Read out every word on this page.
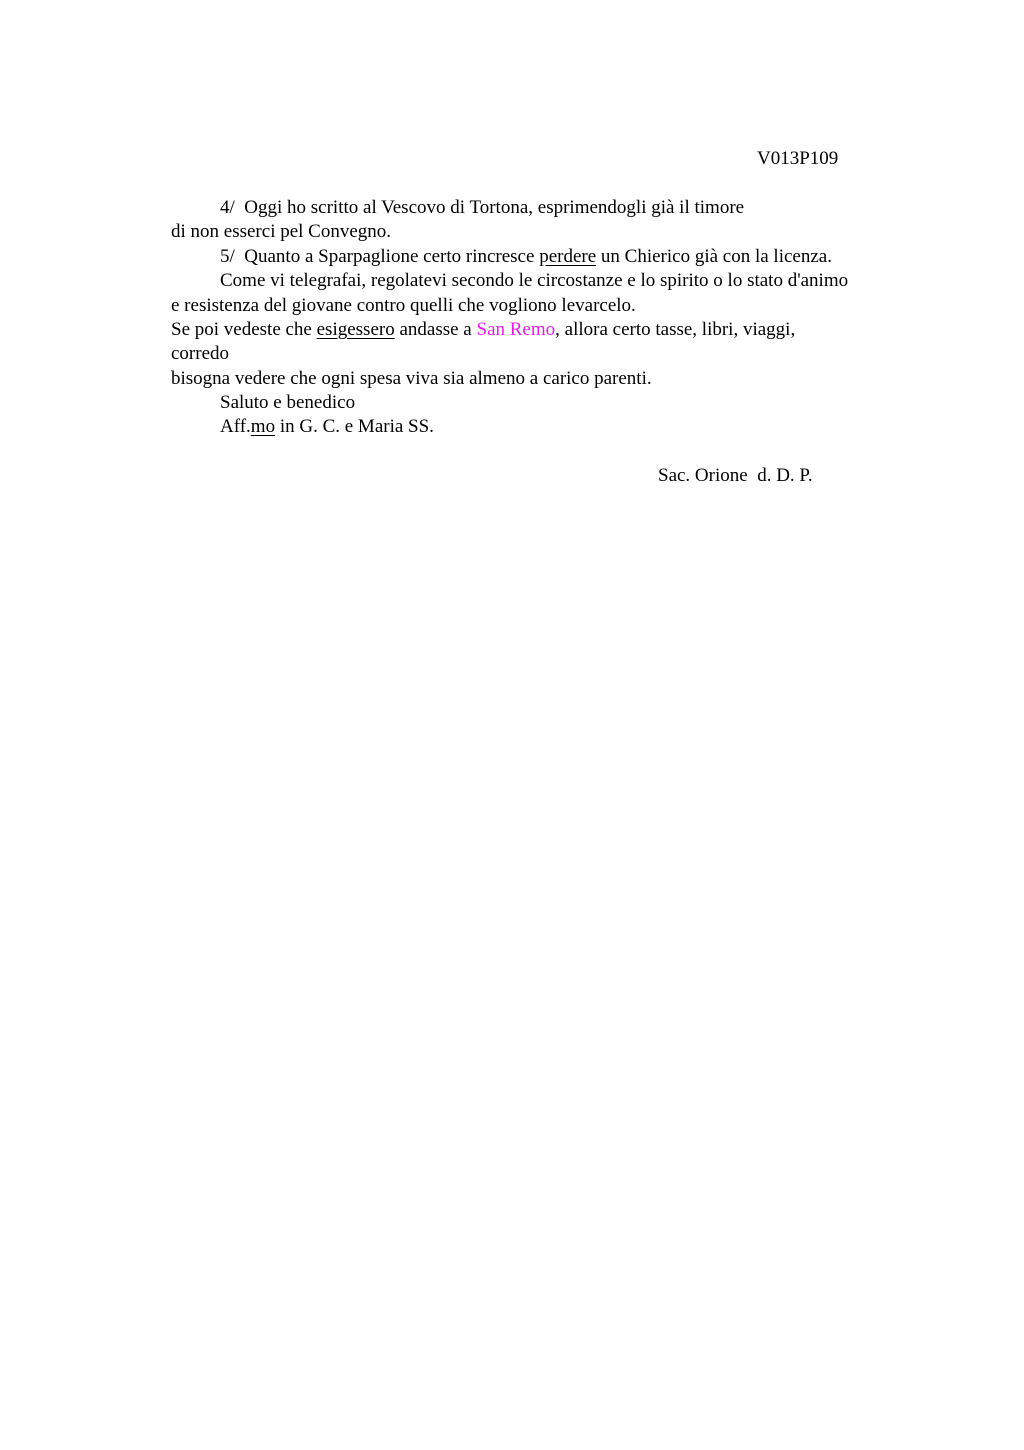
V013P109
4/  Oggi ho scritto al Vescovo di Tortona, esprimendogli già il timore
di non esserci pel Convegno.
5/  Quanto a Sparpaglione certo rincresce perdere un Chierico già con la licenza.
Come vi telegrafai, regolatevi secondo le circostanze e lo spirito o lo stato d'animo
e resistenza del giovane contro quelli che vogliono levarcelo.
Se poi vedeste che esigessero andasse a San Remo, allora certo tasse, libri, viaggi,
corredo
bisogna vedere che ogni spesa viva sia almeno a carico parenti.
Saluto e benedico
Aff.mo in G. C. e Maria SS.
Sac. Orione  d. D. P.
